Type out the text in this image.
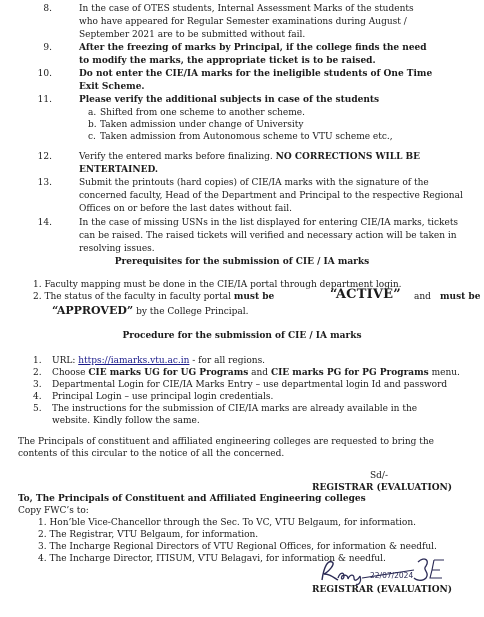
8.	In the case of OTES students, Internal Assessment Marks of the students
who have appeared for Regular Semester examinations during August /
September 2021 are to be submitted without fail.
9.	After the freezing of marks by Principal, if the college finds the need
to modify the marks, the appropriate ticket is to be raised.
10.	Do not enter the CIE/IA marks for the ineligible students of One Time
Exit Scheme.
11.	Please verify the additional subjects in case of the students
a. Shifted from one scheme to another scheme.
b. Taken admission under change of University
c. Taken admission from Autonomous scheme to VTU scheme etc.,
12.	Verify the entered marks before finalizing. NO CORRECTIONS WILL BE
ENTERTAINED.
13.	Submit the printouts (hard copies) of CIE/IA marks with the signature of the
concerned faculty, Head of the Department and Principal to the respective Regional
Offices on or before the last dates without fail.
14.	In the case of missing USNs in the list displayed for entering CIE/IA marks, tickets
can be raised. The raised tickets will verified and necessary action will be taken in
resolving issues.
Prerequisites for the submission of CIE / IA marks
1. Faculty mapping must be done in the CIE/IA portal through department login.
2. The status of the faculty in faculty portal must be	“ACTIVE” and must be
“APPROVED” by the College Principal.
Procedure for the submission of CIE / IA marks
1. URL: https://iamarks.vtu.ac.in - for all regions.
2. Choose CIE marks UG for UG Programs and CIE marks PG for PG Programs menu.
3. Departmental Login for CIE/IA Marks Entry – use departmental login Id and password
4. Principal Login – use principal login credentials.
5. The instructions for the submission of CIE/IA marks are already available in the
website. Kindly follow the same.
The Principals of constituent and affiliated engineering colleges are requested to bring the
contents of this circular to the notice of all the concerned.
Sd/-
REGISTRAR (EVALUATION)
To, The Principals of Constituent and Affiliated Engineering colleges
Copy FWC’s to:
1. Hon’ble Vice-Chancellor through the Sec. To VC, VTU Belgaum, for information.
2. The Registrar, VTU Belgaum, for information.
3. The Incharge Regional Directors of VTU Regional Offices, for information & needful.
4. The Incharge Director, ITISUM, VTU Belagavi, for information & needful.
22/07/2024
REGISTRAR (EVALUATION)
